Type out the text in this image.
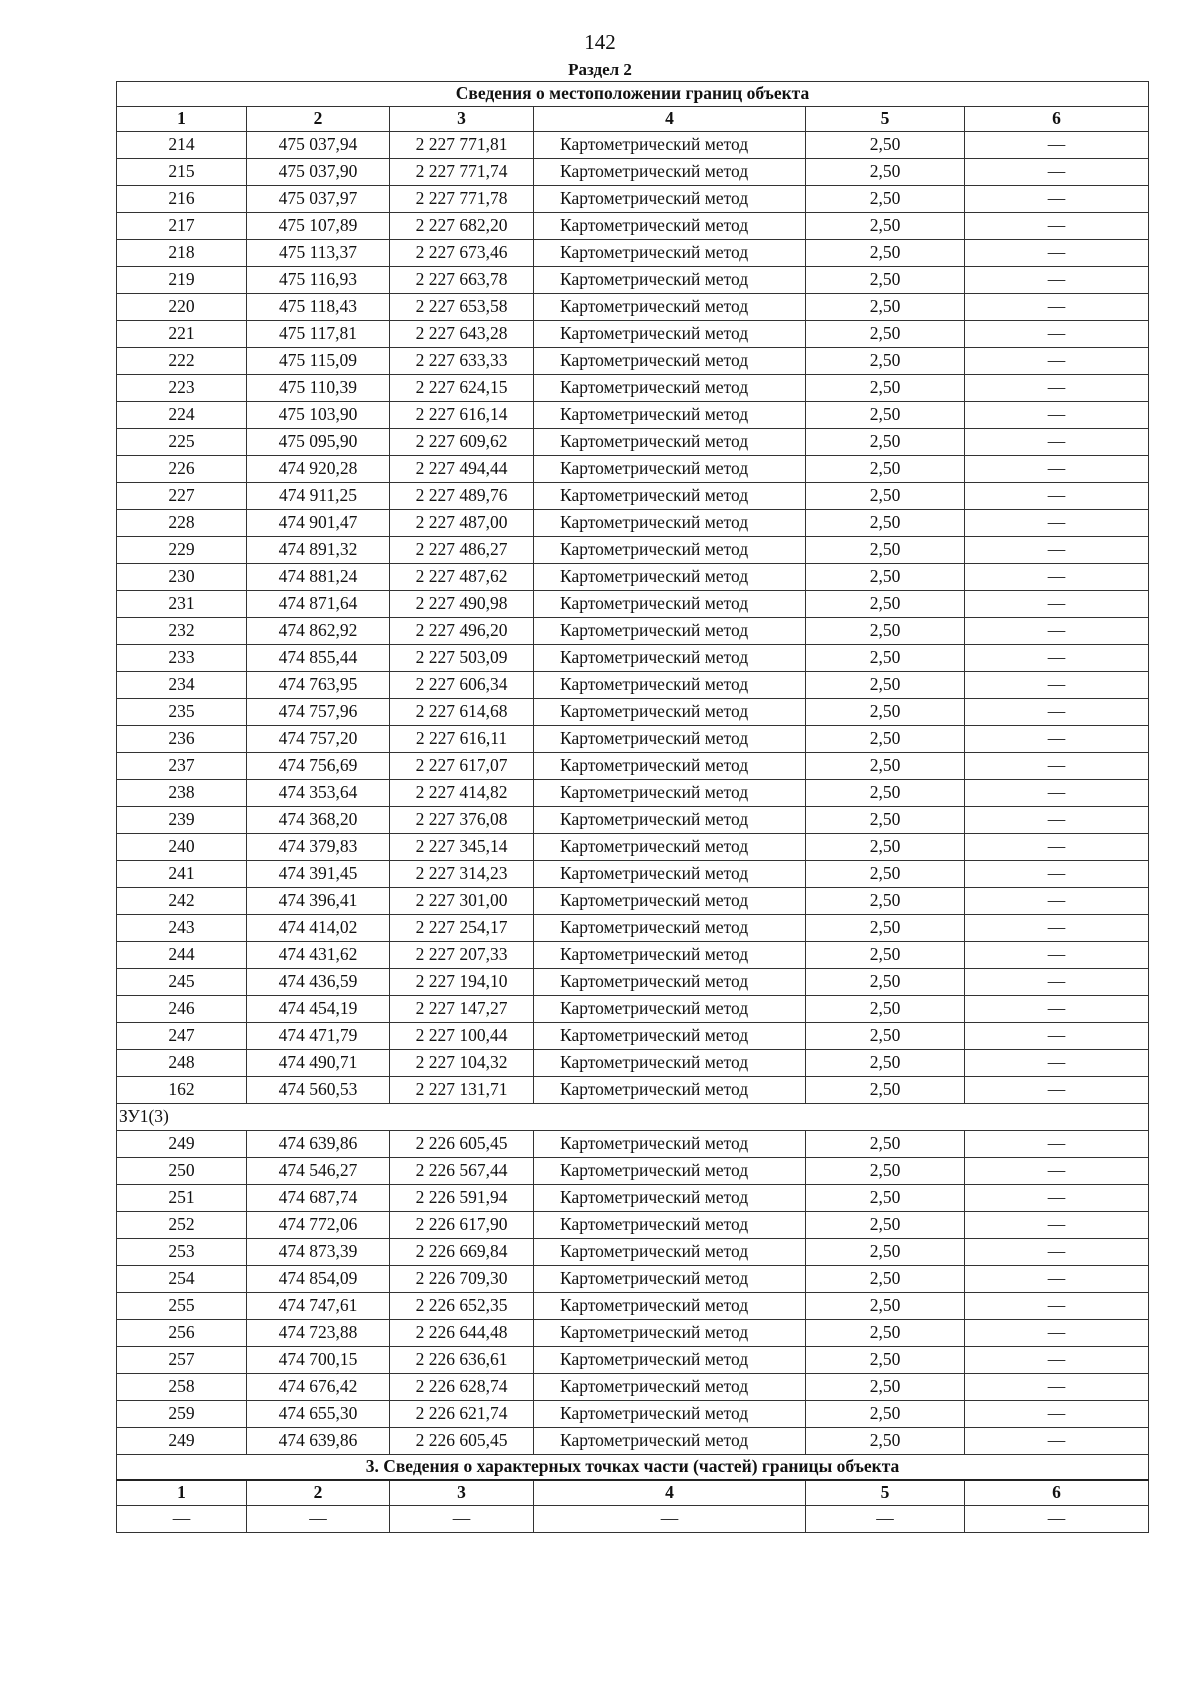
142
Раздел 2
Сведения о местоположении границ объекта					
1	2	3	4	5	6
214	475 037,94	2 227 771,81	Картометрический метод	2,50	—
215	475 037,90	2 227 771,74	Картометрический метод	2,50	—
216	475 037,97	2 227 771,78	Картометрический метод	2,50	—
217	475 107,89	2 227 682,20	Картометрический метод	2,50	—
218	475 113,37	2 227 673,46	Картометрический метод	2,50	—
219	475 116,93	2 227 663,78	Картометрический метод	2,50	—
220	475 118,43	2 227 653,58	Картометрический метод	2,50	—
221	475 117,81	2 227 643,28	Картометрический метод	2,50	—
222	475 115,09	2 227 633,33	Картометрический метод	2,50	—
223	475 110,39	2 227 624,15	Картометрический метод	2,50	—
224	475 103,90	2 227 616,14	Картометрический метод	2,50	—
225	475 095,90	2 227 609,62	Картометрический метод	2,50	—
226	474 920,28	2 227 494,44	Картометрический метод	2,50	—
227	474 911,25	2 227 489,76	Картометрический метод	2,50	—
228	474 901,47	2 227 487,00	Картометрический метод	2,50	—
229	474 891,32	2 227 486,27	Картометрический метод	2,50	—
230	474 881,24	2 227 487,62	Картометрический метод	2,50	—
231	474 871,64	2 227 490,98	Картометрический метод	2,50	—
232	474 862,92	2 227 496,20	Картометрический метод	2,50	—
233	474 855,44	2 227 503,09	Картометрический метод	2,50	—
234	474 763,95	2 227 606,34	Картометрический метод	2,50	—
235	474 757,96	2 227 614,68	Картометрический метод	2,50	—
236	474 757,20	2 227 616,11	Картометрический метод	2,50	—
237	474 756,69	2 227 617,07	Картометрический метод	2,50	—
238	474 353,64	2 227 414,82	Картометрический метод	2,50	—
239	474 368,20	2 227 376,08	Картометрический метод	2,50	—
240	474 379,83	2 227 345,14	Картометрический метод	2,50	—
241	474 391,45	2 227 314,23	Картометрический метод	2,50	—
242	474 396,41	2 227 301,00	Картометрический метод	2,50	—
243	474 414,02	2 227 254,17	Картометрический метод	2,50	—
244	474 431,62	2 227 207,33	Картометрический метод	2,50	—
245	474 436,59	2 227 194,10	Картометрический метод	2,50	—
246	474 454,19	2 227 147,27	Картометрический метод	2,50	—
247	474 471,79	2 227 100,44	Картометрический метод	2,50	—
248	474 490,71	2 227 104,32	Картометрический метод	2,50	—
162	474 560,53	2 227 131,71	Картометрический метод	2,50	—
ЗУ1(3)					
249	474 639,86	2 226 605,45	Картометрический метод	2,50	—
250	474 546,27	2 226 567,44	Картометрический метод	2,50	—
251	474 687,74	2 226 591,94	Картометрический метод	2,50	—
252	474 772,06	2 226 617,90	Картометрический метод	2,50	—
253	474 873,39	2 226 669,84	Картометрический метод	2,50	—
254	474 854,09	2 226 709,30	Картометрический метод	2,50	—
255	474 747,61	2 226 652,35	Картометрический метод	2,50	—
256	474 723,88	2 226 644,48	Картометрический метод	2,50	—
257	474 700,15	2 226 636,61	Картометрический метод	2,50	—
258	474 676,42	2 226 628,74	Картометрический метод	2,50	—
259	474 655,30	2 226 621,74	Картометрический метод	2,50	—
249	474 639,86	2 226 605,45	Картометрический метод	2,50	—
3. Сведения о характерных точках части (частей) границы объекта					
1	2	3	4	5	6
—	—	—	—	—	—
